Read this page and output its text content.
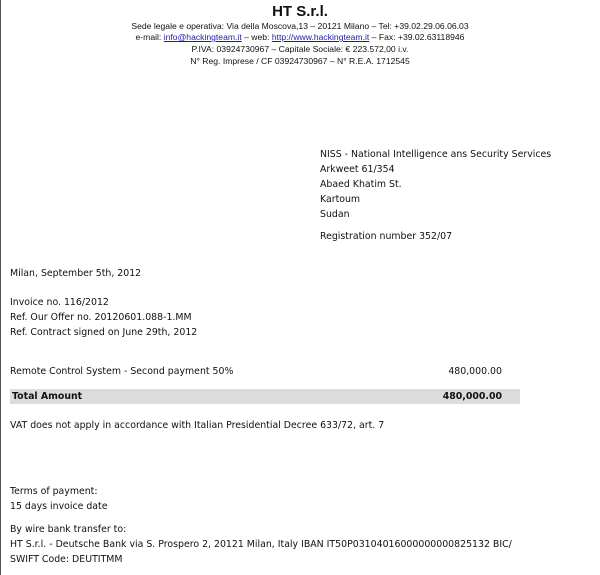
HT S.r.l.
Sede legale e operativa: Via della Moscova,13 – 20121 Milano – Tel: +39.02.29.06.06.03
e-mail: info@hackingteam.it – web: http://www.hackingteam.it – Fax: +39.02.63118946
P.IVA: 03924730967 – Capitale Sociale: € 223.572,00 i.v.
N° Reg. Imprese / CF 03924730967 – N° R.E.A. 1712545
NISS - National Intelligence ans Security Services
Arkweet 61/354
Abaed Khatim St.
Kartoum
Sudan
Registration number 352/07
Milan, September 5th, 2012
Invoice no. 116/2012
Ref. Our Offer no. 20120601.088-1.MM
Ref. Contract signed on June 29th, 2012
Remote Control System - Second payment 50%	480,000.00
Total Amount	480,000.00
VAT does not apply in accordance with Italian Presidential Decree 633/72, art. 7
Terms of payment:
15 days invoice date
By wire bank transfer to:
HT S.r.l. - Deutsche Bank via S. Prospero 2, 20121 Milan, Italy IBAN IT50P03104016000000000825132 BIC/
SWIFT Code: DEUTITMM
